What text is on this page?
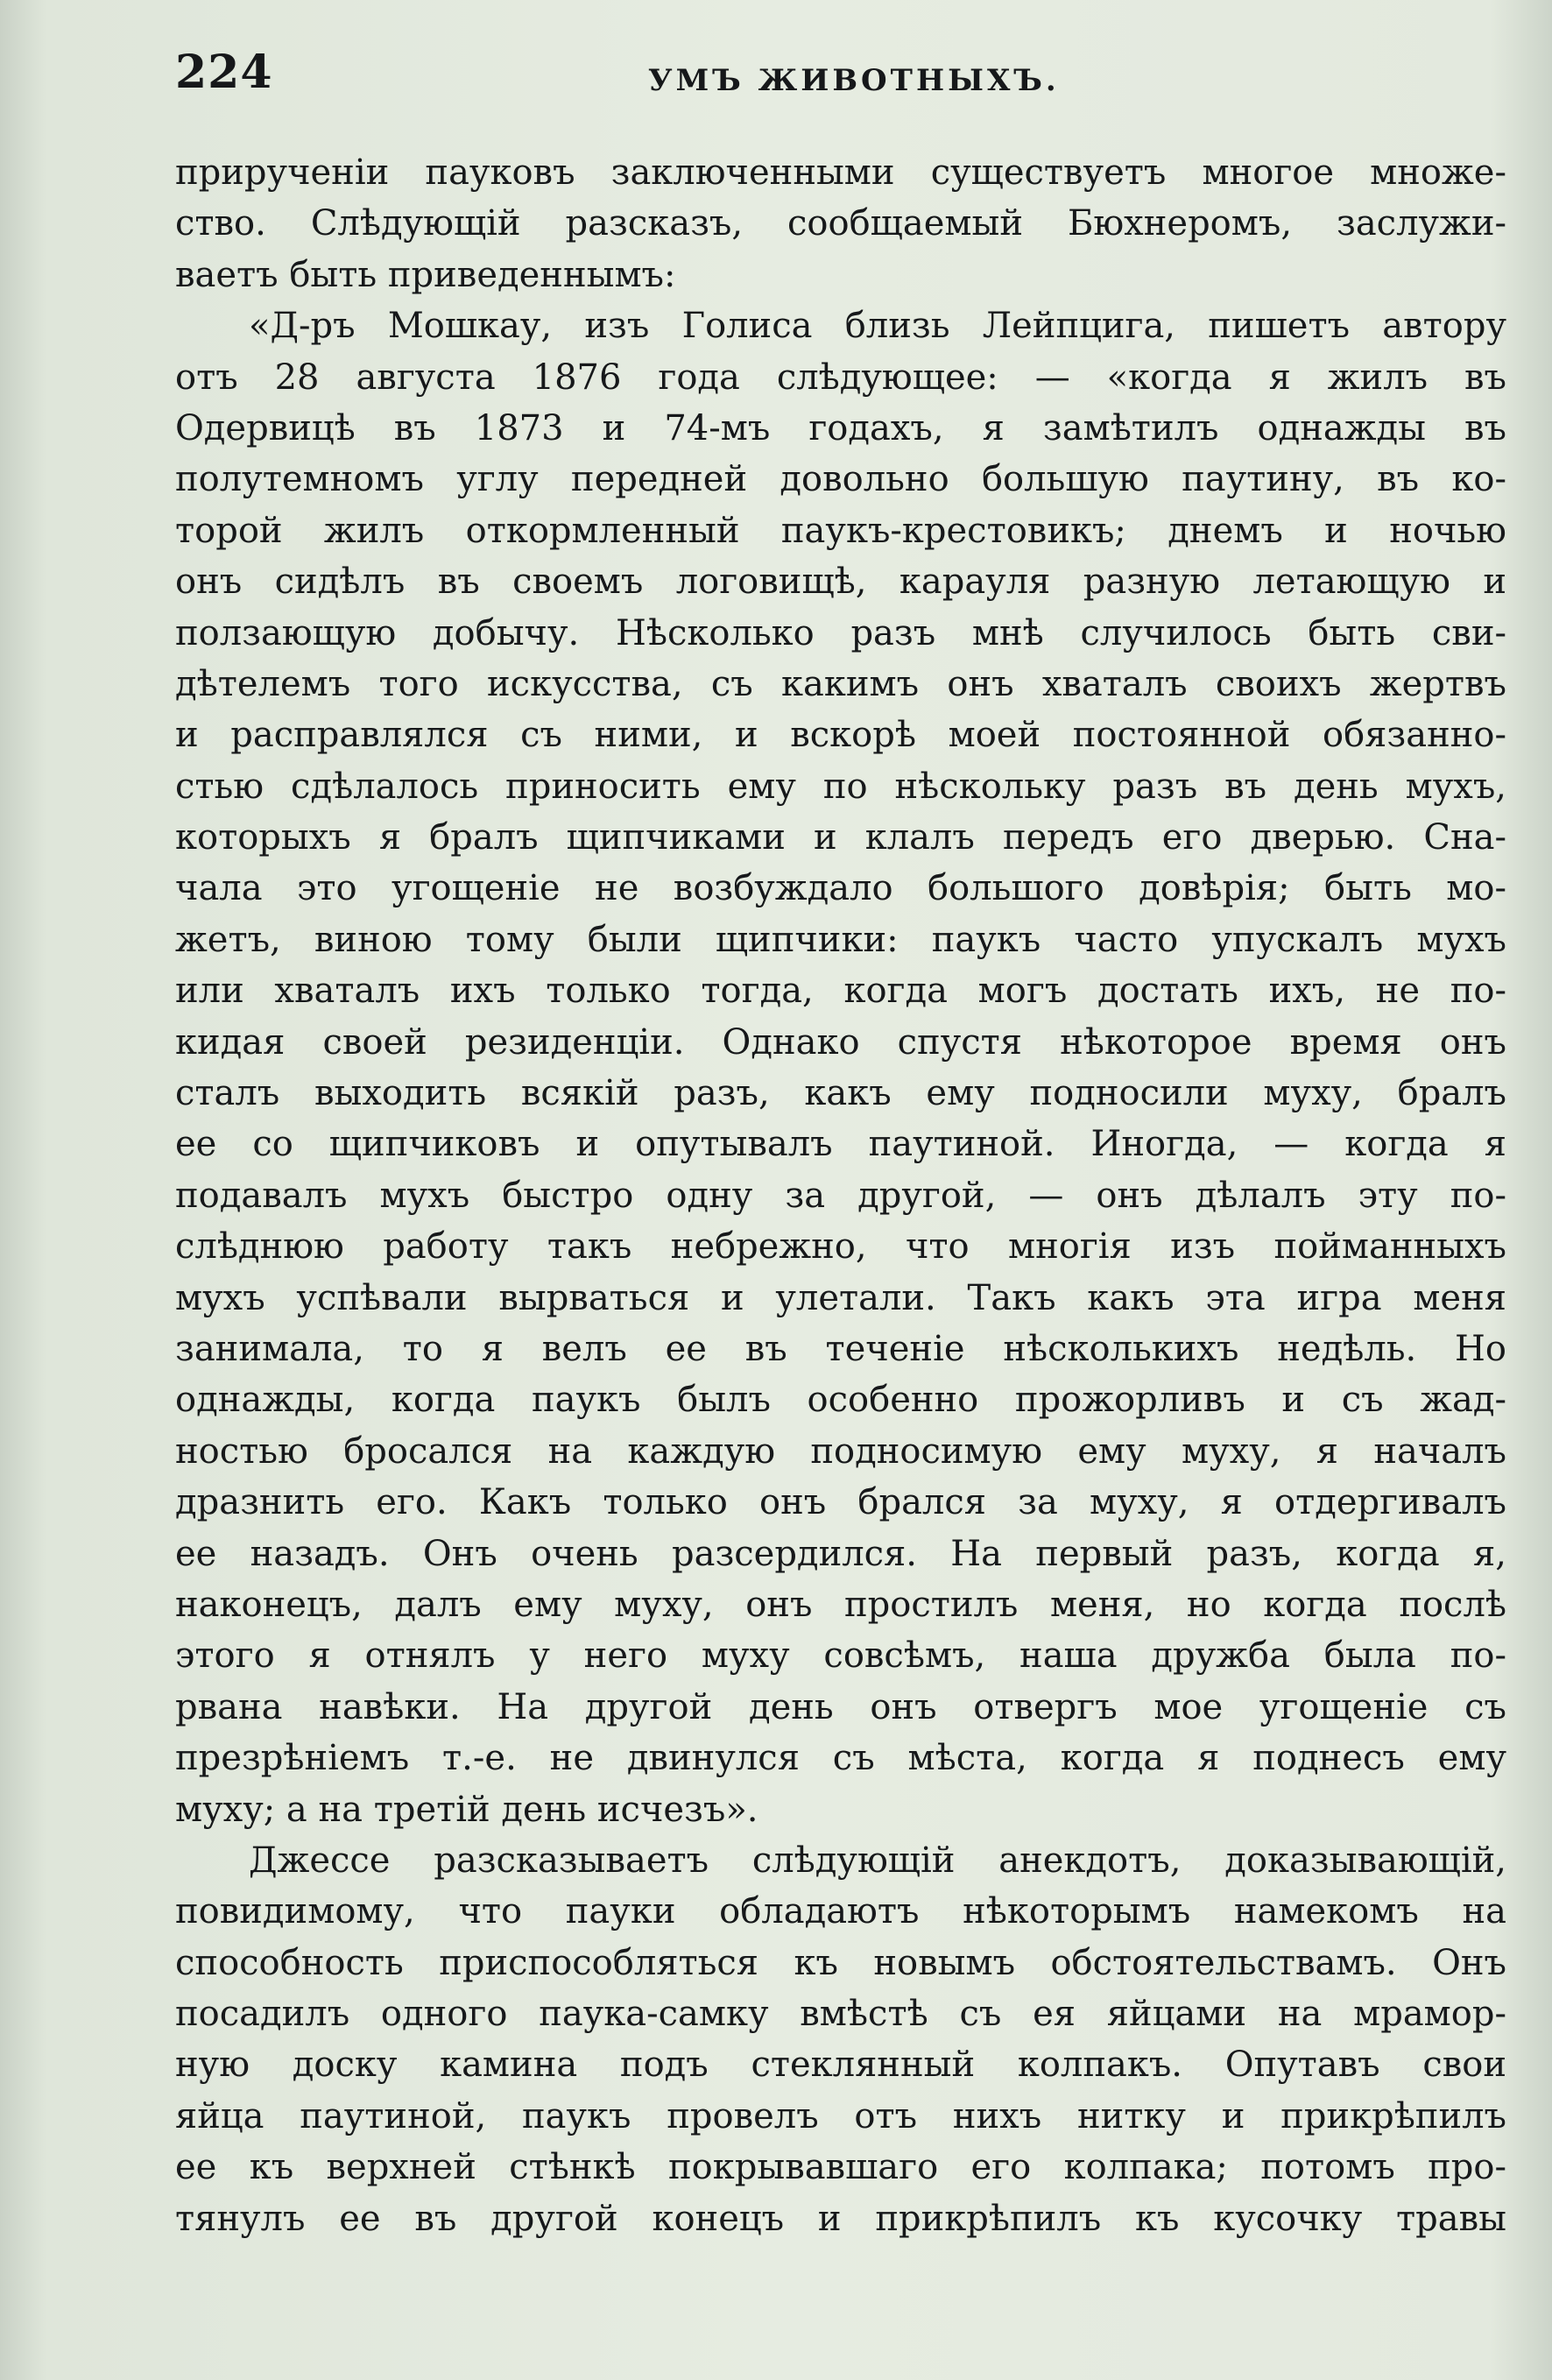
224	УМЪ ЖИВОТНЫХЪ.
прирученіи пауковъ заключенными существуетъ многое множе-
ство. Слѣдующій разсказъ, сообщаемый Бюхнеромъ, заслужи-
ваетъ быть приведеннымъ:
«Д-ръ Мошкау, изъ Голиса близь Лейпцига, пишетъ автору
отъ 28 августа 1876 года слѣдующее: — «когда я жилъ въ
Одервицѣ въ 1873 и 74-мъ годахъ, я замѣтилъ однажды въ
полутемномъ углу передней довольно большую паутину, въ ко-
торой жилъ откормленный паукъ-крестовикъ; днемъ и ночью
онъ сидѣлъ въ своемъ логовищѣ, карауля разную летающую и
ползающую добычу. Нѣсколько разъ мнѣ случилось быть сви-
дѣтелемъ того искусства, съ какимъ онъ хваталъ своихъ жертвъ
и расправлялся съ ними, и вскорѣ моей постоянной обязанно-
стью сдѣлалось приносить ему по нѣскольку разъ въ день мухъ,
которыхъ я бралъ щипчиками и клалъ передъ его дверью. Сна-
чала это угощеніе не возбуждало большого довѣрія; быть мо-
жетъ, виною тому были щипчики: паукъ часто упускалъ мухъ
или хваталъ ихъ только тогда, когда могъ достать ихъ, не по-
кидая своей резиденціи. Однако спустя нѣкоторое время онъ
сталъ выходить всякій разъ, какъ ему подносили муху, бралъ
ее со щипчиковъ и опутывалъ паутиной. Иногда, — когда я
подавалъ мухъ быстро одну за другой, — онъ дѣлалъ эту по-
слѣднюю работу такъ небрежно, что многія изъ пойманныхъ
мухъ успѣвали вырваться и улетали. Такъ какъ эта игра меня
занимала, то я велъ ее въ теченіе нѣсколькихъ недѣль. Но
однажды, когда паукъ былъ особенно прожорливъ и съ жад-
ностью бросался на каждую подносимую ему муху, я началъ
дразнить его. Какъ только онъ брался за муху, я отдергивалъ
ее назадъ. Онъ очень разсердился. На первый разъ, когда я,
наконецъ, далъ ему муху, онъ простилъ меня, но когда послѣ
этого я отнялъ у него муху совсѣмъ, наша дружба была по-
рвана навѣки. На другой день онъ отвергъ мое угощеніе съ
презрѣніемъ т.-е. не двинулся съ мѣста, когда я поднесъ ему
муху; а на третій день исчезъ».
Джессе разсказываетъ слѣдующій анекдотъ, доказывающій,
повидимому, что пауки обладаютъ нѣкоторымъ намекомъ на
способность приспособляться къ новымъ обстоятельствамъ. Онъ
посадилъ одного паука-самку вмѣстѣ съ ея яйцами на мрамор-
ную доску камина подъ стеклянный колпакъ. Опутавъ свои
яйца паутиной, паукъ провелъ отъ нихъ нитку и прикрѣпилъ
ее къ верхней стѣнкѣ покрывавшаго его колпака; потомъ про-
тянулъ ее въ другой конецъ и прикрѣпилъ къ кусочку травы
